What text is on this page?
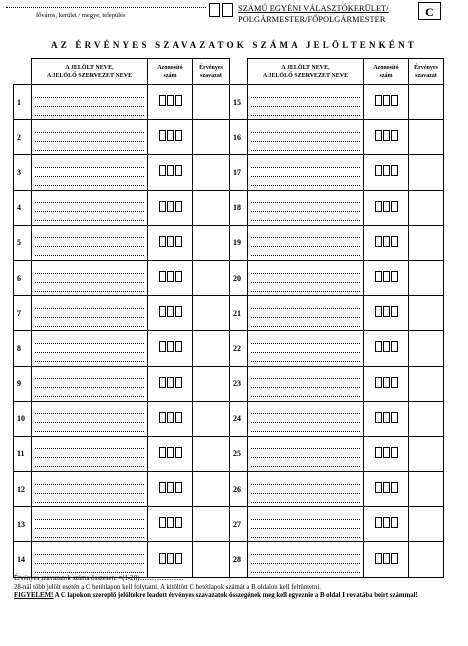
főváros, kerület / megye, település
SZÁMÚ EGYÉNI VÁLASZTÓKERÜLET/
POLGÁRMESTER/FŐPOLGÁRMESTER
C
AZ ÉRVÉNYES SZAVAZATOK SZÁMA JELÖLTENKÉNT
	A JELÖLT NEVE,
A JELÖLŐ SZERVEZET NEVE	Azonosító
szám	Érvényes
szavazat		A JELÖLT NEVE,
A JELÖLŐ SZERVEZET NEVE	Azonosító
szám	Érvényes
szavazat
1				15	

2				16	

3				17	

4				18	

5				19	

6				20	

7				21	

8				22	

9				23	

10				24	

11				25	

12				26	

13				27	

14				28	

Érvényes szavazatok száma összesen: =(1-28)..........................
28-nál több jelölt esetén a C betétlapon kell folytatni. A kitöltött C betétlapok számát a B oldalon kell feltüntetni.
FIGYELEM! A C lapokon szereplő jelöltekre leadott érvényes szavazatok összegének meg kell egyeznie a B oldal I rovatába beírt számmal!
